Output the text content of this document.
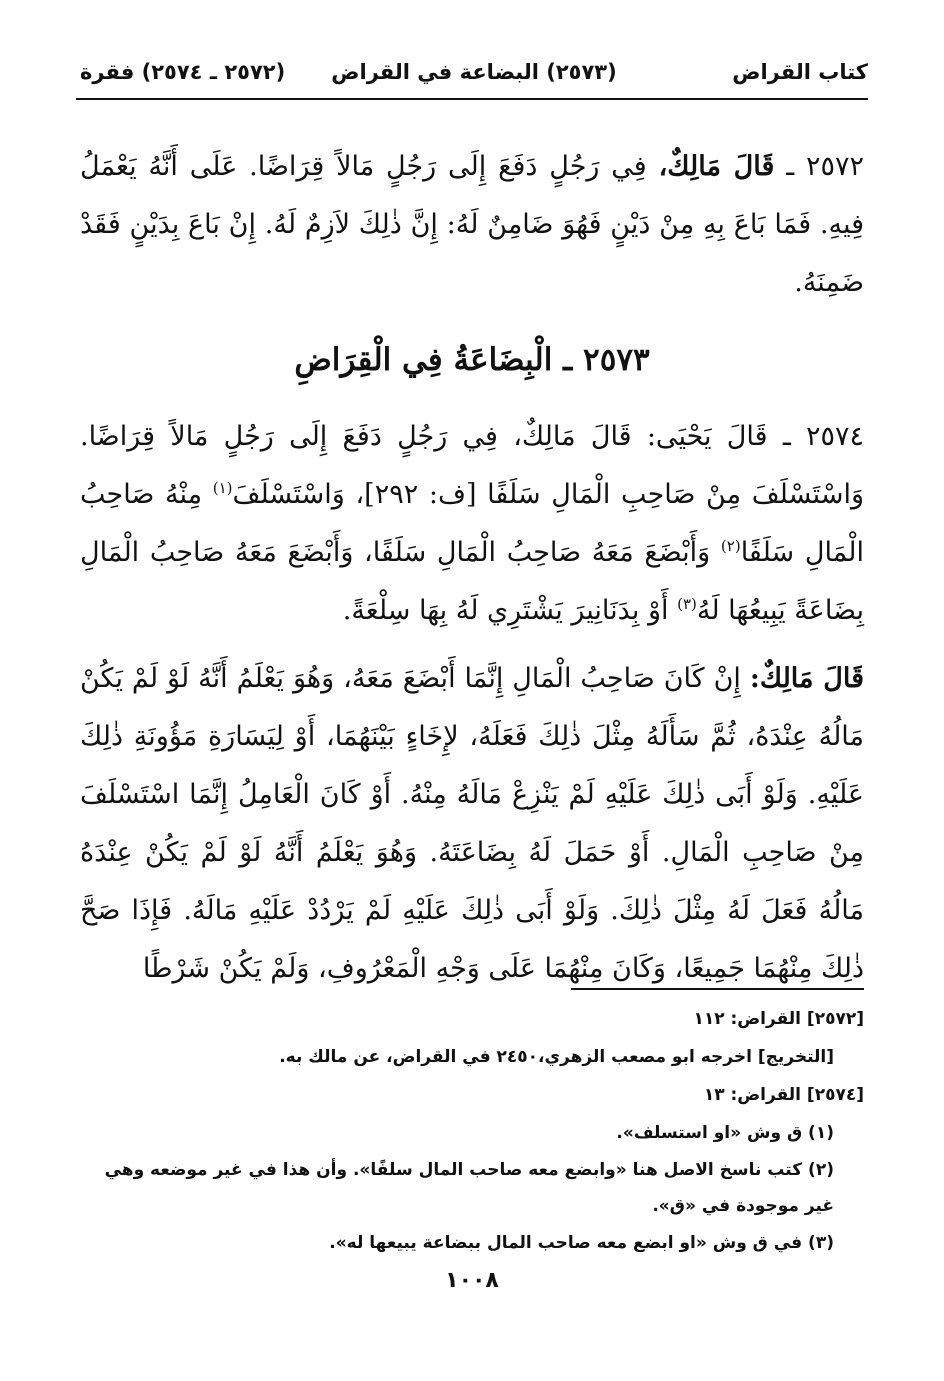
كتاب القراض
(٢٥٧٣) البضاعة في القراض
(٢٥٧٢ ـ ٢٥٧٤) فقرة
٢٥٧٢ ـ قَالَ مَالِكٌ، فِي رَجُلٍ دَفَعَ إِلَى رَجُلٍ مَالاً قِرَاضًا. عَلَى أَنَّهُ يَعْمَلُ فِيهِ. فَمَا بَاعَ بِهِ مِنْ دَيْنٍ فَهُوَ ضَامِنٌ لَهُ: إِنَّ ذٰلِكَ لاَزِمٌ لَهُ. إِنْ بَاعَ بِدَيْنٍ فَقَدْ ضَمِنَهُ.
٢٥٧٣ ـ الْبِضَاعَةُ فِي الْقِرَاضِ
٢٥٧٤ ـ قَالَ يَحْيَى: قَالَ مَالِكٌ، فِي رَجُلٍ دَفَعَ إِلَى رَجُلٍ مَالاً قِرَاضًا. وَاسْتَسْلَفَ مِنْ صَاحِبِ الْمَالِ سَلَفًا [ف: ٢٩٢]، وَاسْتَسْلَفَ$^{(١)}$ مِنْهُ صَاحِبُ الْمَالِ سَلَفًا$^{(٢)}$ وَأَبْضَعَ مَعَهُ صَاحِبُ الْمَالِ سَلَفًا، وَأَبْضَعَ مَعَهُ صَاحِبُ الْمَالِ بِضَاعَةً يَبِيعُهَا لَهُ$^{(٣)}$ أَوْ بِدَنَانِيرَ يَشْتَرِي لَهُ بِهَا سِلْعَةً.
قَالَ مَالِكٌ: إِنْ كَانَ صَاحِبُ الْمَالِ إِنَّمَا أَبْضَعَ مَعَهُ، وَهُوَ يَعْلَمُ أَنَّهُ لَوْ لَمْ يَكُنْ مَالُهُ عِنْدَهُ، ثُمَّ سَأَلَهُ مِثْلَ ذٰلِكَ فَعَلَهُ، لإِخَاءٍ بَيْنَهُمَا، أَوْ لِيَسَارَةِ مَؤُونَةِ ذٰلِكَ عَلَيْهِ. وَلَوْ أَبَى ذٰلِكَ عَلَيْهِ لَمْ يَنْزِعْ مَالَهُ مِنْهُ. أَوْ كَانَ الْعَامِلُ إِنَّمَا اسْتَسْلَفَ مِنْ صَاحِبِ الْمَالِ. أَوْ حَمَلَ لَهُ بِضَاعَتَهُ. وَهُوَ يَعْلَمُ أَنَّهُ لَوْ لَمْ يَكُنْ عِنْدَهُ مَالُهُ فَعَلَ لَهُ مِثْلَ ذٰلِكَ. وَلَوْ أَبَى ذٰلِكَ عَلَيْهِ لَمْ يَرْدُدْ عَلَيْهِ مَالَهُ. فَإِذَا صَحَّ ذٰلِكَ مِنْهُمَا جَمِيعًا، وَكَانَ مِنْهُمَا عَلَى وَجْهِ الْمَعْرُوفِ، وَلَمْ يَكُنْ شَرْطًا
[٢٥٧٢] القراض: ١١٢
[التخريج] اخرجه ابو مصعب الزهري،٢٤٥٠ في القراض، عن مالك به.
[٢٥٧٤] القراض: ١٣
(١) ق وش «او استسلف».
(٢) كتب ناسخ الاصل هنا «وابضع معه صاحب المال سلفًا». وأن هذا في غير موضعه وهي غير موجودة في «ق».
(٣) في ق وش «او ابضع معه صاحب المال ببضاعة يبيعها له».
١٠٠٨
